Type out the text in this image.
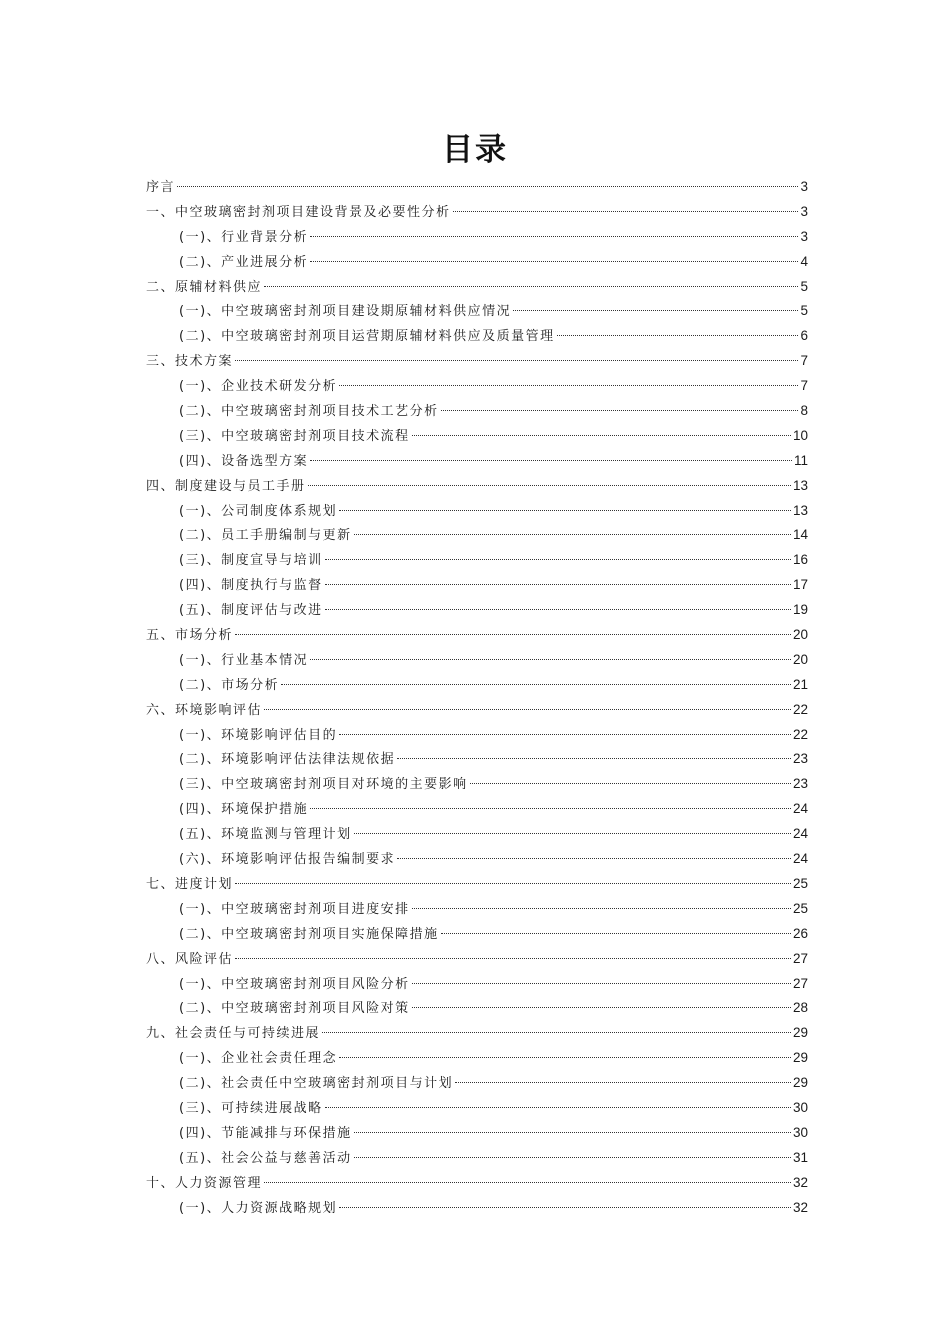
目录
序言	3
一、中空玻璃密封剂项目建设背景及必要性分析	3
(一)、行业背景分析	3
(二)、产业进展分析	4
二、原辅材料供应	5
(一)、中空玻璃密封剂项目建设期原辅材料供应情况	5
(二)、中空玻璃密封剂项目运营期原辅材料供应及质量管理	6
三、技术方案	7
(一)、企业技术研发分析	7
(二)、中空玻璃密封剂项目技术工艺分析	8
(三)、中空玻璃密封剂项目技术流程	10
(四)、设备选型方案	11
四、制度建设与员工手册	13
(一)、公司制度体系规划	13
(二)、员工手册编制与更新	14
(三)、制度宣导与培训	16
(四)、制度执行与监督	17
(五)、制度评估与改进	19
五、市场分析	20
(一)、行业基本情况	20
(二)、市场分析	21
六、环境影响评估	22
(一)、环境影响评估目的	22
(二)、环境影响评估法律法规依据	23
(三)、中空玻璃密封剂项目对环境的主要影响	23
(四)、环境保护措施	24
(五)、环境监测与管理计划	24
(六)、环境影响评估报告编制要求	24
七、进度计划	25
(一)、中空玻璃密封剂项目进度安排	25
(二)、中空玻璃密封剂项目实施保障措施	26
八、风险评估	27
(一)、中空玻璃密封剂项目风险分析	27
(二)、中空玻璃密封剂项目风险对策	28
九、社会责任与可持续进展	29
(一)、企业社会责任理念	29
(二)、社会责任中空玻璃密封剂项目与计划	29
(三)、可持续进展战略	30
(四)、节能减排与环保措施	30
(五)、社会公益与慈善活动	31
十、人力资源管理	32
(一)、人力资源战略规划	32
